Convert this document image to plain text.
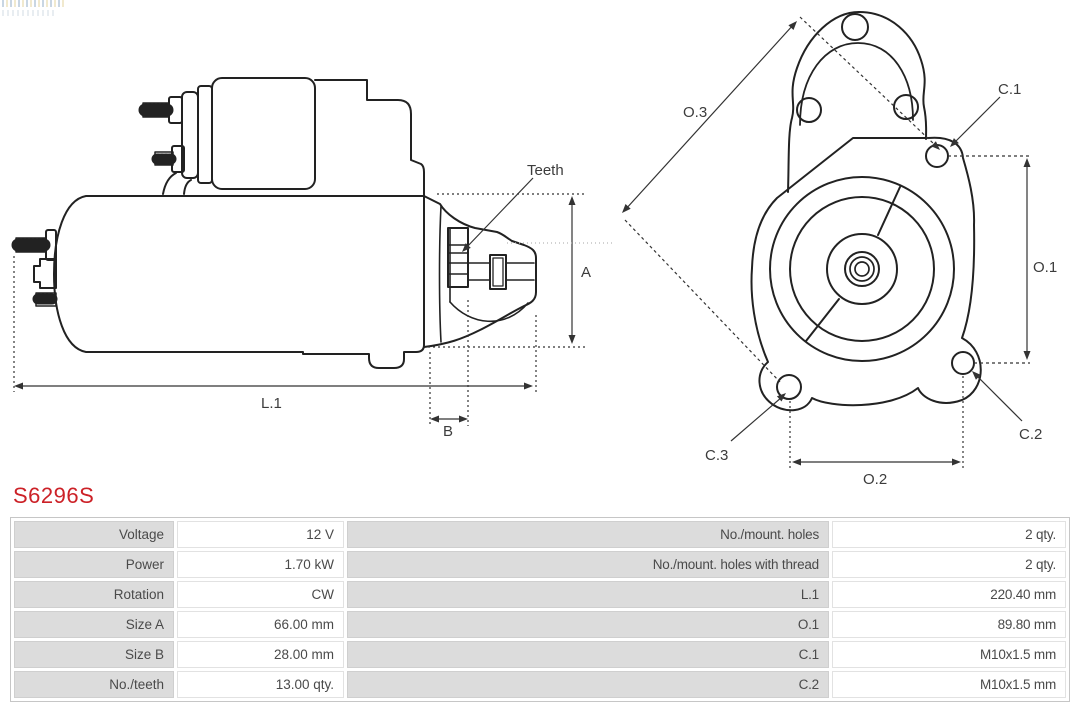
Teeth
A
B
L.1
O.3
C.1
O.1
C.2
C.3
O.2
S6296S
Voltage	12 V	No./mount. holes	2 qty.
Power	1.70 kW	No./mount. holes with thread	2 qty.
Rotation	CW	L.1	220.40 mm
Size A	66.00 mm	O.1	89.80 mm
Size B	28.00 mm	C.1	M10x1.5 mm
No./teeth	13.00 qty.	C.2	M10x1.5 mm
